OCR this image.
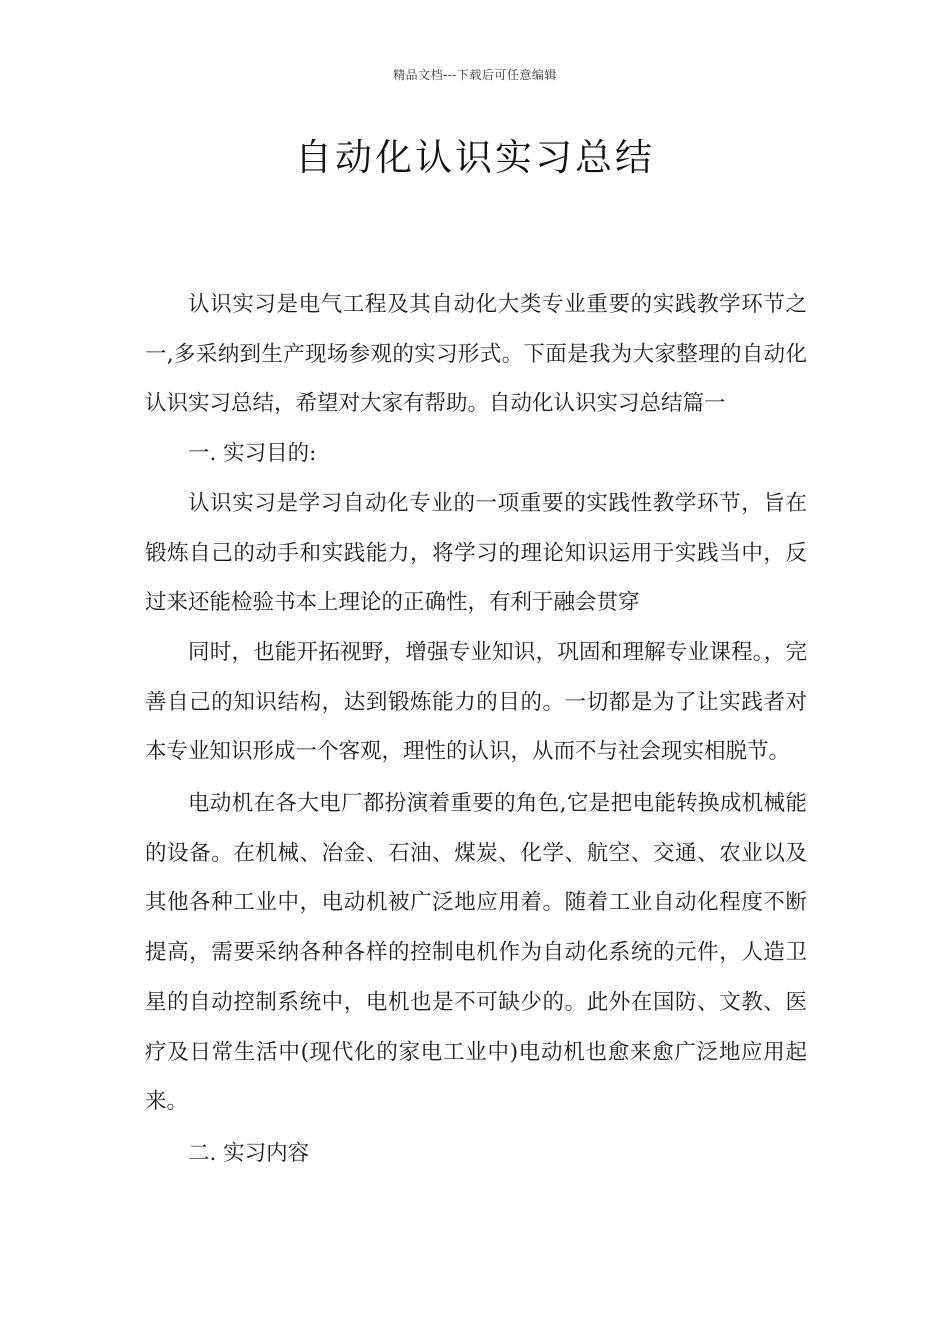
精品文档---下载后可任意编辑
自动化认识实习总结

认识实习是电气工程及其自动化大类专业重要的实践教学环节之一,多采纳到生产现场参观的实习形式。下面是我为大家整理的自动化认识实习总结，希望对大家有帮助。自动化认识实习总结篇一

一. 实习目的:

认识实习是学习自动化专业的一项重要的实践性教学环节，旨在锻炼自己的动手和实践能力，将学习的理论知识运用于实践当中，反过来还能检验书本上理论的正确性，有利于融会贯穿

同时，也能开拓视野，增强专业知识，巩固和理解专业课程。，完善自己的知识结构，达到锻炼能力的目的。一切都是为了让实践者对本专业知识形成一个客观，理性的认识，从而不与社会现实相脱节。

电动机在各大电厂都扮演着重要的角色,它是把电能转换成机械能的设备。在机械、冶金、石油、煤炭、化学、航空、交通、农业以及其他各种工业中，电动机被广泛地应用着。随着工业自动化程度不断提高，需要采纳各种各样的控制电机作为自动化系统的元件，人造卫星的自动控制系统中，电机也是不可缺少的。此外在国防、文教、医疗及日常生活中(现代化的家电工业中)电动机也愈来愈广泛地应用起来。

二. 实习内容
